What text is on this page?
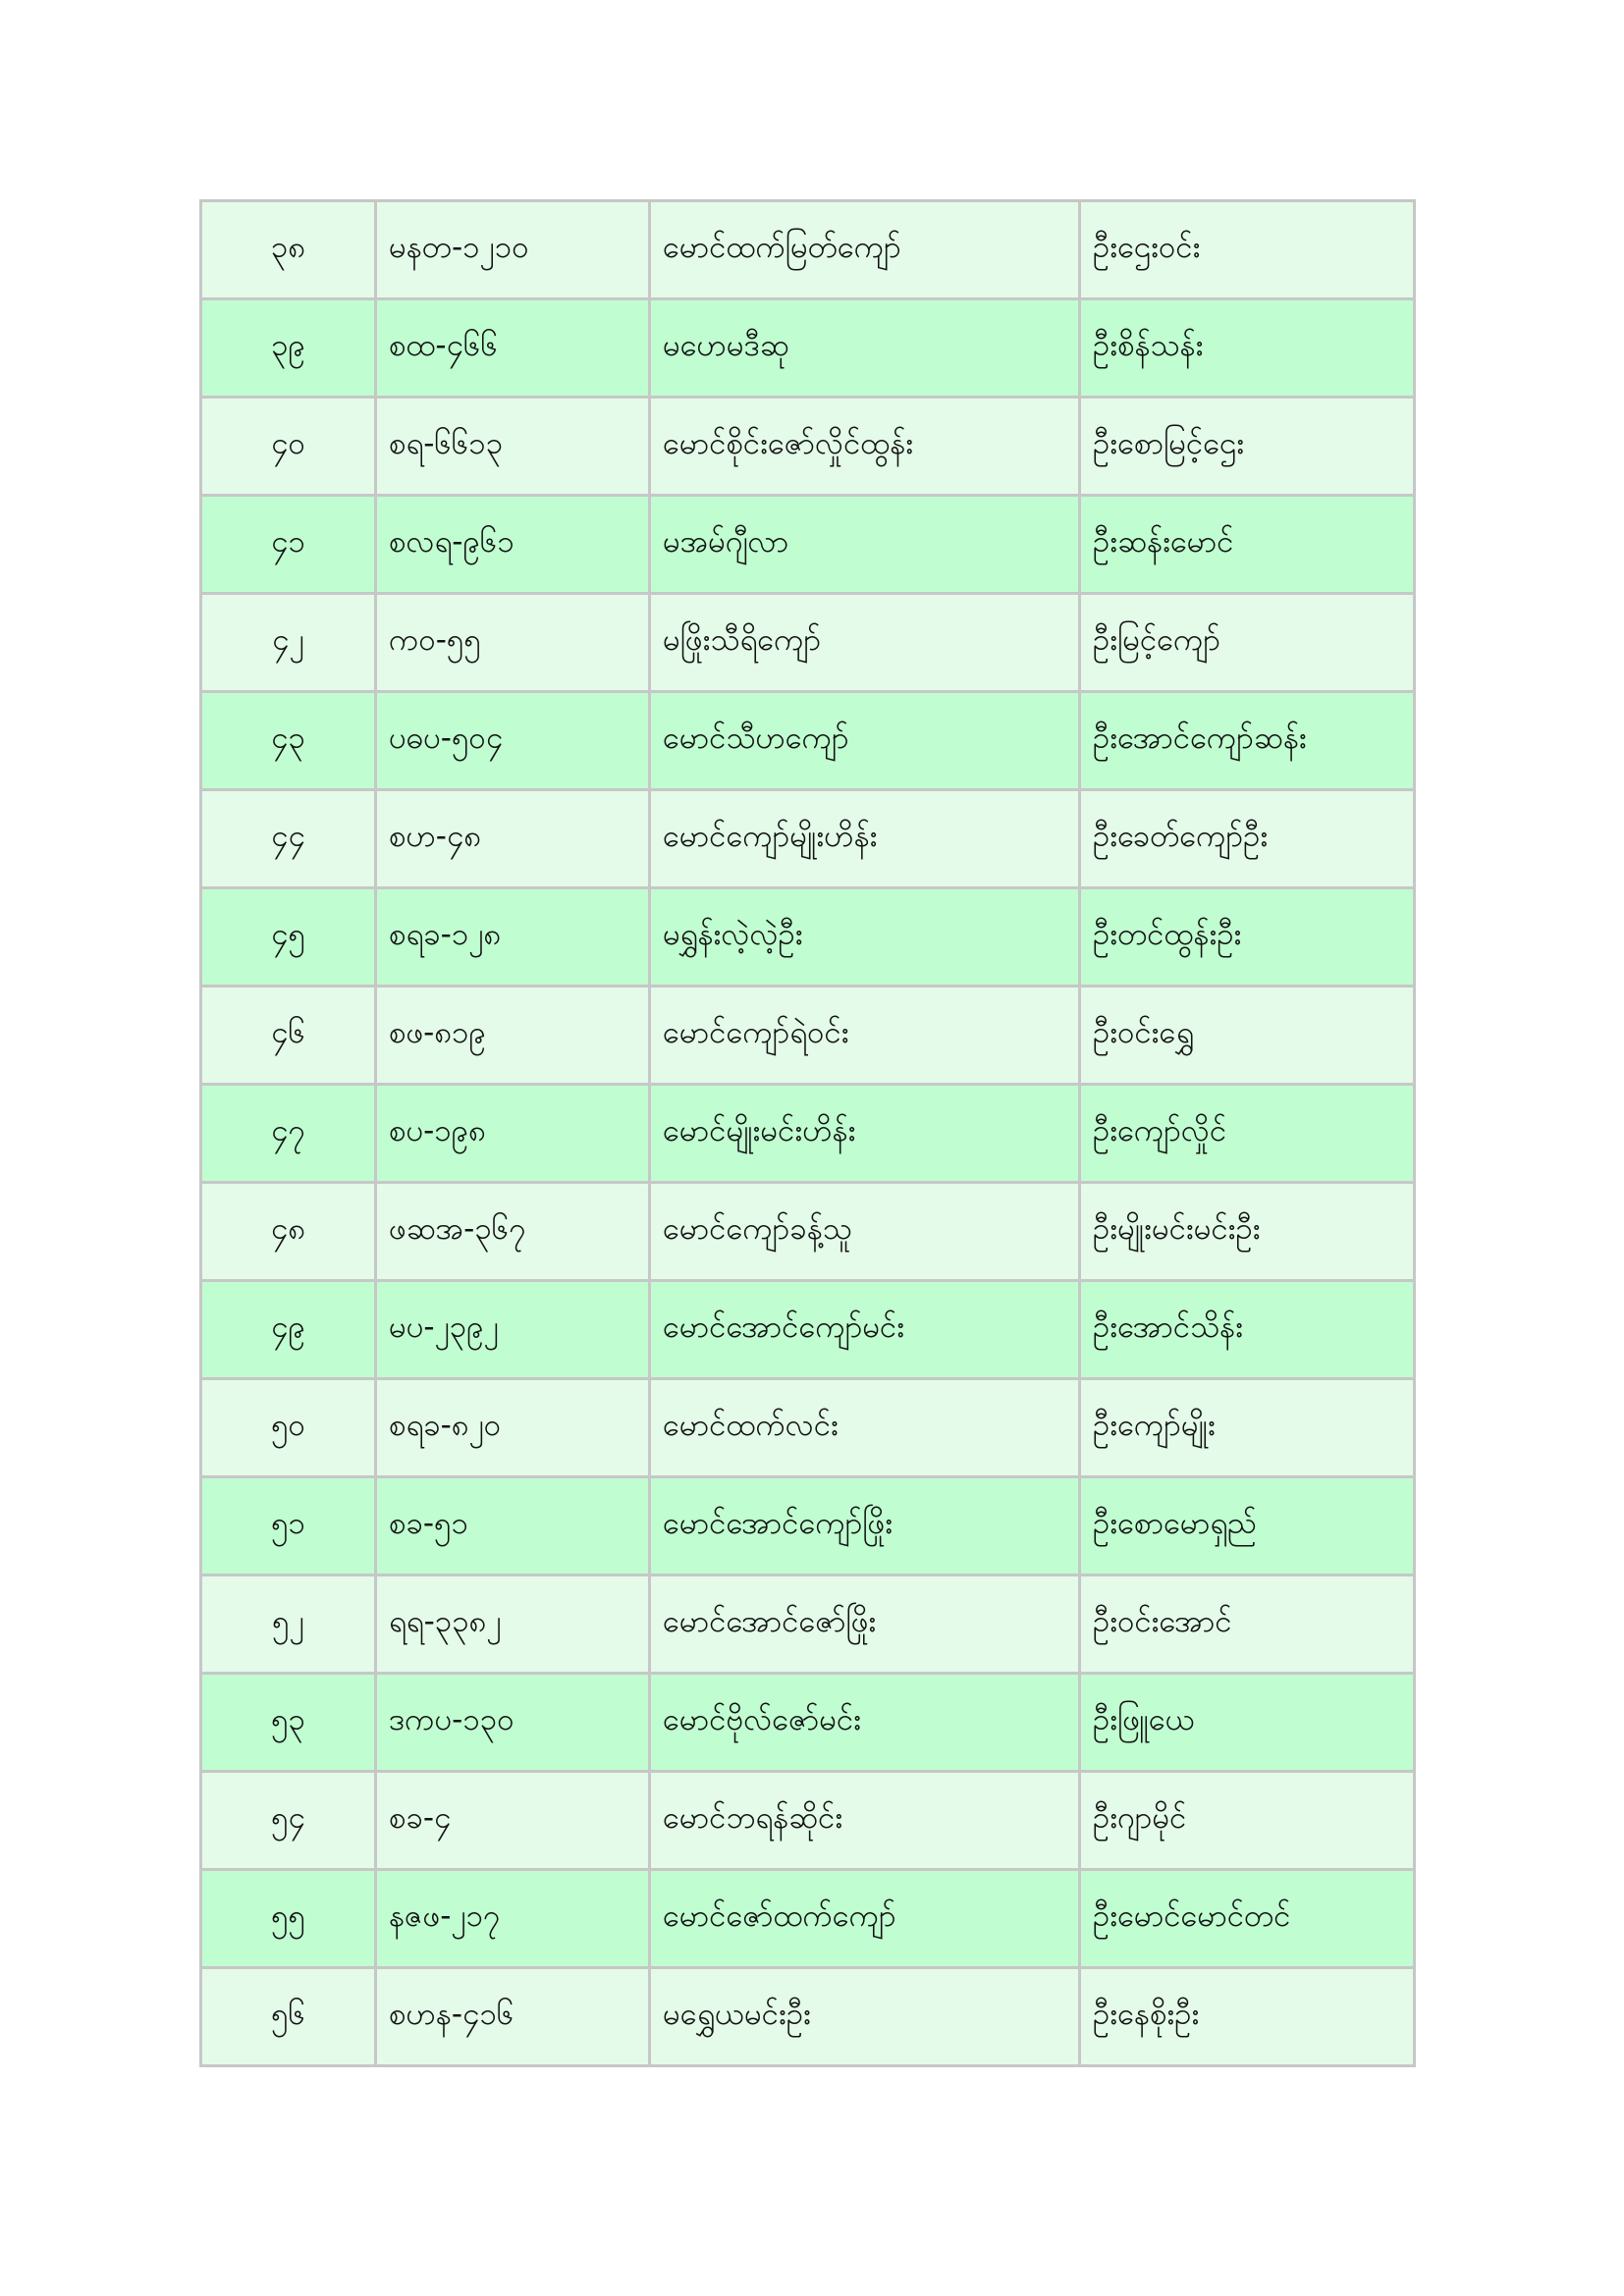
၃၈	မနတ-၁၂၁၀	မောင်ထက်မြတ်ကျော်	ဦးဌေးဝင်း
၃၉	စထ-၄၆၆	မဟေမဒီဆု	ဦးစိန်သန်း
၄၀	စရ-၆၆၁၃	မောင်စိုင်းဇော်လှိုင်ထွန်း	ဦးစောမြင့်ဌေး
၄၁	စလရ-၉၆၁	မအမ်ဂျီလာ	ဦးဆန်းမောင်
၄၂	ကဝ-၅၅	မဖြိုးသီရိကျော်	ဦးမြင့်ကျော်
၄၃	ပဓပ-၅၀၄	မောင်သီဟကျော်	ဦးအောင်ကျော်ဆန်း
၄၄	စဟ-၄၈	မောင်ကျော်မျိုးဟိန်း	ဦးခေတ်ကျော်ဦး
၄၅	စရခ-၁၂၈	မရွှန်းလဲ့လဲ့ဦး	ဦးတင်ထွန်းဦး
၄၆	စဖ-၈၁၉	မောင်ကျော်ရဲဝင်း	ဦးဝင်းရွှေ
၄၇	စပ-၁၉၈	မောင်မျိုးမင်းဟိန်း	ဦးကျော်လှိုင်
၄၈	ဖဆအ-၃၆၇	မောင်ကျော်ခန့်သူ	ဦးမျိုးမင်းမင်းဦး
၄၉	မပ-၂၃၉၂	မောင်အောင်ကျော်မင်း	ဦးအောင်သိန်း
၅၀	စရခ-၈၂၀	မောင်ထက်လင်း	ဦးကျော်မျိုး
၅၁	စခ-၅၁	မောင်အောင်ကျော်ဖြိုး	ဦးစောမောရှည်
၅၂	ရရ-၃၃၈၂	မောင်အောင်ဇော်ဖြိုး	ဦးဝင်းအောင်
၅၃	ဒကပ-၁၃၀	မောင်ဗိုလ်ဇော်မင်း	ဦးဖြူယေ
၅၄	စခ-၄	မောင်ဘရန်ဆိုင်း	ဦးဂျာမိုင်
၅၅	နဇဖ-၂၁၇	မောင်ဇော်ထက်ကျော်	ဦးမောင်မောင်တင်
၅၆	စဟန-၄၁၆	မရွှေယမင်းဦး	ဦးနေစိုးဦး
